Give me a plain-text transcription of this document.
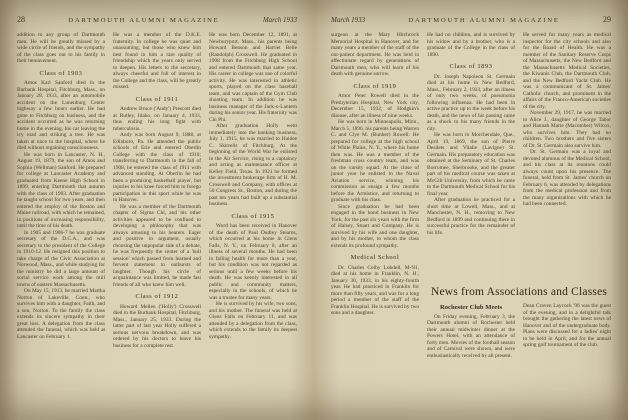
28	DARTMOUTH ALUMNI MAGAZINE	March 1933

addition to any group of Dartmouth men. He will be greatly missed by a wide circle of friends, and the sympathy of the class goes out to his family in their bereavement.

Class of 1903

Amos Karl Sanford died in the Burbank Hospital, Fitchburg, Mass., on January 28, 1933, after an automobile accident on the Lunenburg Center highway a few hours earlier. He had gone to Fitchburg on business, and the accident occurred as he was returning home in the evening, his car leaving the icy road and striking a tree. He was taken at once to the hospital, where he died without regaining consciousness.

He was born in Lancaster, N. H., August 19, 1879, the son of Amos and Sophia (Wellman) Sanford. He prepared for college at Lancaster Academy and graduated from Keene High School in 1899, entering Dartmouth that autumn with the class of 1903. After graduation he taught school for two years, and then entered the employ of the Boston and Maine railroad, with which he remained, in positions of increasing responsibility, until the time of his death.

In 1905 and 1906-7 he was graduate secretary of the D.C.A., and was secretary to the president of the College in 1910-12. He resigned this position to take charge of the Civic Association at Norwood, Mass., and while studying for the ministry he did a large amount of social service work among the mill towns of eastern Massachusetts.

On May 15, 1913, he married Martha Norton of Lakeville, Conn., who survives him with a daughter, Faith, and a son, Norton. To the family the class extends its sincere sympathy in their great loss. A delegation from the class attended the funeral, which was held at Lancaster on February 1.

He was a member of the D.K.E. fraternity. In college he was quiet and unassuming, but those who knew him best found in him a rare quality of friendship which the years only served to deepen. His letters to the secretary, always cheerful and full of interest in the College and the class, will be greatly missed.

Class of 1911

Andrew Bruce ('Andy') Prescott died at Rutley, Idaho, on January 4, 1933, thus ending his long fight with tuberculosis.

Andy was born August 9, 1888, at Edinboro, Pa. He attended the public schools of Erie and entered Oberlin College with the class of 1910; transferring to Dartmouth in the fall of 1908, he entered the class of 1911 with advanced standing. At Oberlin he had been a promising basketball player, but injuries to his knee forced him to forego participation in this sport while he was in Hanover.

He was a member of the Dartmouth chapter of Sigma Chi, and his other activities appeared to be confined to developing a philosophy that was always amusing to his hearers. Eager and positive in argument, usually choosing the unpopular side of a debate, he was frequently the center of a 'bull session' which passed from learned and fervent statement to outbursts of laughter. Though his circle of acquaintance was limited, he made fast friends of all who knew him well.

Class of 1912

Howard Mellen ('Holly') Crosswell died in the Burbank Hospital, Fitchburg, Mass., January 25, 1933. During the latter part of last year Holly suffered a serious nervous breakdown, and was ordered by his doctors to leave his business for a complete rest.

He was born December 12, 1891, at Newburyport, Mass., his parents being Howard Benson and Harriet Belle (Randolph) Crosswell. He graduated in 1908 from the Fitchburg High School and entered Dartmouth that same year. His career in college was one of colorful activity. He was interested in athletic sports, played on the class baseball team, and was captain of the Gym Club shooting team. In addition he was business manager of the Jack-o-Lantern during his senior year. His fraternity was Chi Phi.

After graduation Holly went immediately into the banking business. July 1, 1915, he was married to Haidee C. Skirrells of Fitchburg. At the beginning of the World War he enlisted in the Air Service, rising to a captaincy and acting as maintenance officer at Kelley Field, Texas. In 1921 he formed the investment brokerage firm of H. M. Crosswell and Company, with offices at 50 Congress St., Boston, and during the past ten years had built up a substantial business.

Class of 1915

Word has been received in Hanover of the death of Paul Dudley Stearns, which occurred at his home in Glens Falls, N. Y., on February 8, after an illness of several months. He had been in failing health for more than a year, but his condition was not regarded as serious until a few weeks before his death. He was keenly interested in all public and community matters, especially in the schools, of which he was a trustee for many years.

He is survived by his wife, two sons, and his mother. The funeral was held at Glens Falls on February 11, and was attended by a delegation from the class, which extends to the family its deepest sympathy.

March 1933	DARTMOUTH ALUMNI MAGAZINE	29

surgeon at the Mary Hitchcock Memorial Hospital in Hanover, and for many years a member of the staff of the out-patient department. He was held in affectionate regard by generations of Dartmouth men, who will learn of his death with genuine sorrow.

Class of 1919

Amor Peter Rowell died in the Presbyterian Hospital, New York city, December 15, 1932, of Hodgkin's disease, after an illness of nine weeks.

He was born in Minneapolis, Minn., March 5, 1896, his parents being Warren C. and Clye M. (Bunker) Rowell. He prepared for college at the high school of White Plains, N. Y., where his home then was. He was a member of the freshman cross country team, and was on the varsity squad. At the close of junior year he enlisted in the Naval Aviation service, winning his commission as ensign a few months before the Armistice, and returning to graduate with his class.

Since graduation he had been engaged in the bond business in New York, for the past six years with the firm of Halsey, Stuart and Company. He is survived by his wife and one daughter, and by his mother, to whom the class extends its profound sympathy.

Medical School

Dr. Charles Colby Lobdell, M-'81, died at his home in Franklin, N. H., January 30, 1933, in his eighty-fourth year. He had practiced in Franklin for more than fifty years, and was for a long period a member of the staff of the Franklin Hospital. He is survived by two sons and a daughter.

He had no children, and is survived by his widow and by a brother, who is a graduate of the College in the class of 1890.

Class of 1893

Dr. Joseph Napoleon St. Germain died at his home in New Bedford, Mass., February 2, 1933, after an illness of only two weeks, of pneumonia following influenza. He had been in active practice up to the week before his death, and the news of his passing came as a shock to his many friends in the city.

He was born in Morchendale, Que., April 19, 1869, the son of Pierre Desilets and Vitalie (Lavigne) St. Germain. His preparatory education was obtained at the Seminary of St. Charles Borromee, Sherbrooke, and the greater part of his medical course was taken at McGill University, from which he came to the Dartmouth Medical School for his final year.

After graduation he practiced for a short time at Lowell, Mass., and at Manchester, N. H., removing to New Bedford in 1899 and continuing there in successful practice for the remainder of his life.

He served for many years as medical inspector for the city schools and also for the Board of Health. He was a member of the Sanitary Reserve Corps of Massachusetts, the New Bedford and the Massachusetts Medical Societies, the Kiwanis Club, the Dartmouth Club, and the New Bedford Yacht Club. He was a communicant of St. James' Catholic church, and prominent in the affairs of the Franco-American societies of the city.

November 29, 1917, he was married to Alice J., daughter of George Tabor and Hannah Marie (Macomber) Wilcox, who survives him. They had no children. Two brothers and five sisters of Dr. St. Germain also survive him.

Dr. St. Germain was a loyal and devoted alumnus of the Medical School, and his class at its reunions could always count upon his presence. The funeral, held from St. James' church on February 6, was attended by delegations from the medical profession and from the many organizations with which he had been connected.

News from Associations and Classes
Rochester Club Meets

On Friday evening, February 3, the Dartmouth alumni of Rochester held their annual midwinter dinner at the Powers Hotel, with an attendance of forty men. Movies of the football season and of Carnival were shown, and were enthusiastically received by all present.

Dean Craven Laycock '96 was the guest of the evening, and in a delightful talk brought the gathering the latest news of Hanover and of the undergraduate body. Plans were discussed for a ladies' night to be held in April, and for the annual spring golf tournament of the club.
